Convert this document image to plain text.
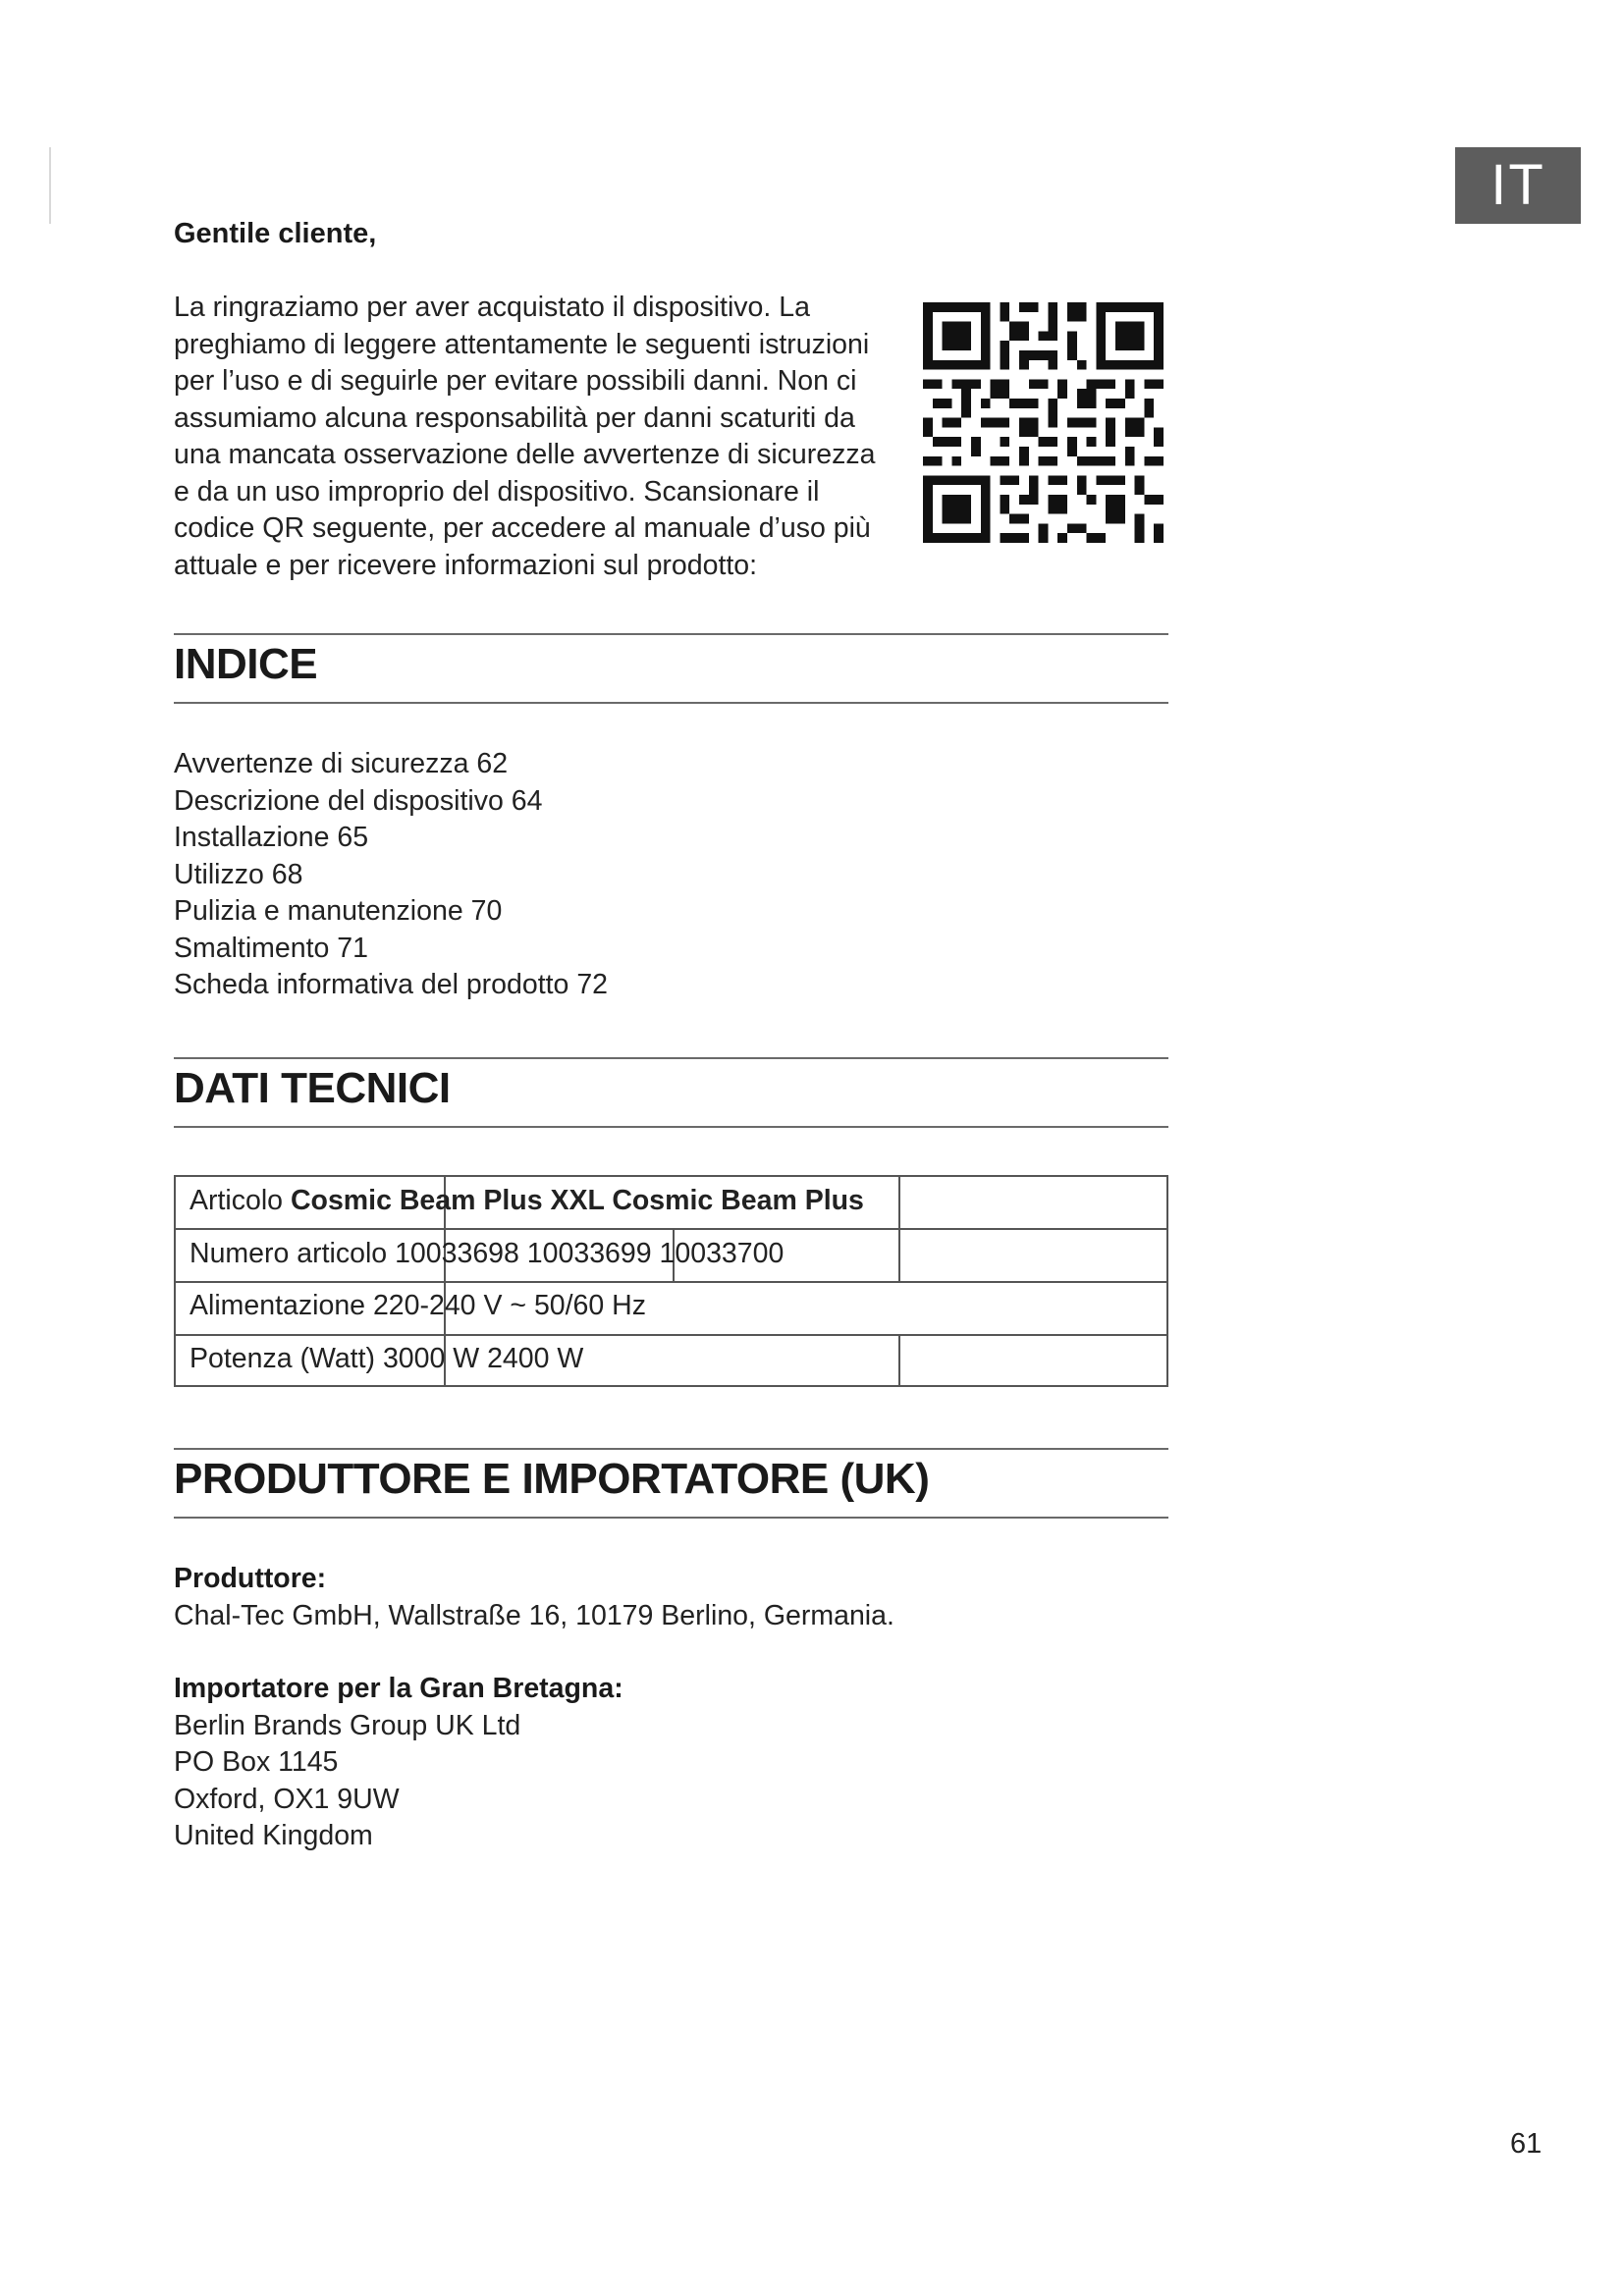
IT
Gentile cliente,
La ringraziamo per aver acquistato il dispositivo. La
preghiamo di leggere attentamente le seguenti istruzioni
per l’uso e di seguirle per evitare possibili danni. Non ci
assumiamo alcuna responsabilità per danni scaturiti da
una mancata osservazione delle avvertenze di sicurezza
e da un uso improprio del dispositivo. Scansionare il
codice QR seguente, per accedere al manuale d’uso più
attuale e per ricevere informazioni sul prodotto:
INDICE
Avvertenze di sicurezza 62
Descrizione del dispositivo 64
Installazione 65
Utilizzo 68
Pulizia e manutenzione 70
Smaltimento 71
Scheda informativa del prodotto 72
DATI TECNICI
Articolo Cosmic Beam Plus XXL Cosmic Beam Plus
Numero articolo 10033698 10033699 10033700
Alimentazione 220-240 V ~ 50/60 Hz
Potenza (Watt) 3000 W 2400 W
PRODUTTORE E IMPORTATORE (UK)
Produttore:
Chal-Tec GmbH, Wallstraße 16, 10179 Berlino, Germania.
Importatore per la Gran Bretagna:
Berlin Brands Group UK Ltd
PO Box 1145
Oxford, OX1 9UW
United Kingdom
61
